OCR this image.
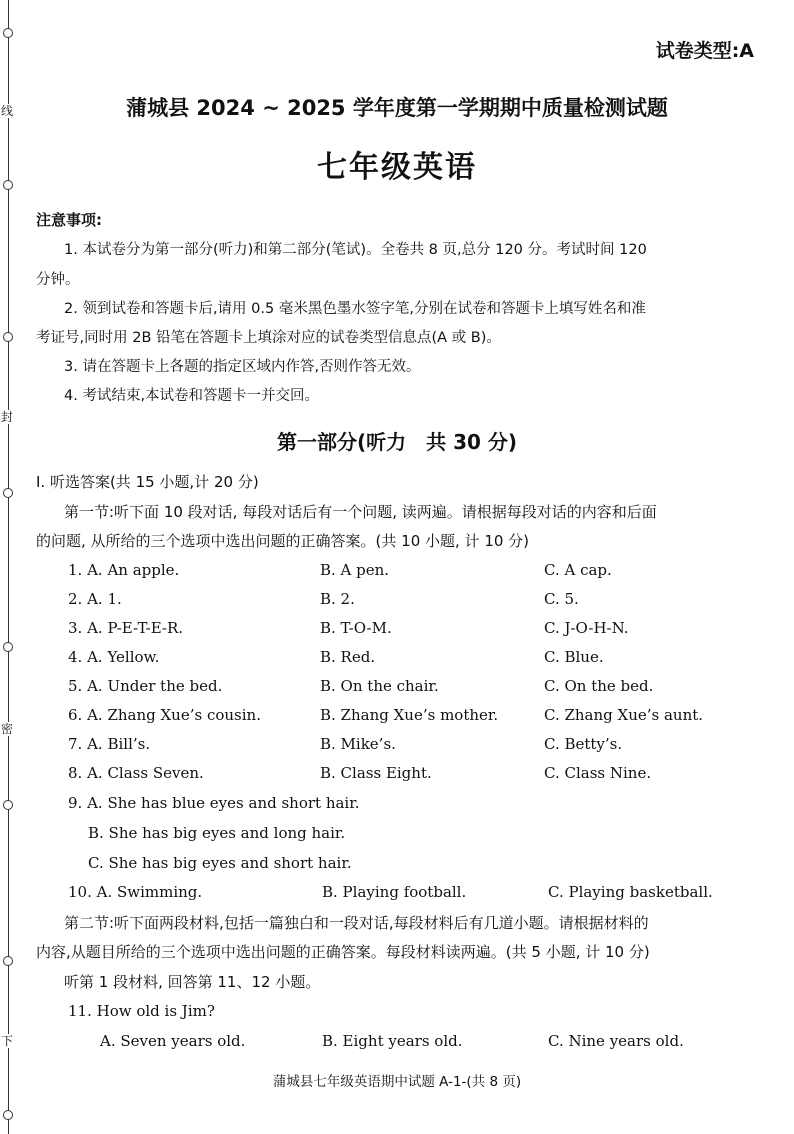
线
封
密
下
试卷类型:A
蒲城县 2024 ~ 2025 学年度第一学期期中质量检测试题
七年级英语
注意事项:
1. 本试卷分为第一部分(听力)和第二部分(笔试)。全卷共 8 页,总分 120 分。考试时间 120
分钟。
2. 领到试卷和答题卡后,请用 0.5 毫米黑色墨水签字笔,分别在试卷和答题卡上填写姓名和准
考证号,同时用 2B 铅笔在答题卡上填涂对应的试卷类型信息点(A 或 B)。
3. 请在答题卡上各题的指定区域内作答,否则作答无效。
4. 考试结束,本试卷和答题卡一并交回。
第一部分(听力　共 30 分)
Ⅰ. 听选答案(共 15 小题,计 20 分)
第一节:听下面 10 段对话, 每段对话后有一个问题, 读两遍。请根据每段对话的内容和后面
的问题, 从所给的三个选项中选出问题的正确答案。(共 10 小题, 计 10 分)
1. A. An apple.	B. A pen.	C. A cap.
2. A. 1.	B. 2.	C. 5.
3. A. P-E-T-E-R.	B. T-O-M.	C. J-O-H-N.
4. A. Yellow.	B. Red.	C. Blue.
5. A. Under the bed.	B. On the chair.	C. On the bed.
6. A. Zhang Xue’s cousin.	B. Zhang Xue’s mother.	C. Zhang Xue’s aunt.
7. A. Bill’s.	B. Mike’s.	C. Betty’s.
8. A. Class Seven.	B. Class Eight.	C. Class Nine.
9. A. She has blue eyes and short hair.
B. She has big eyes and long hair.
C. She has big eyes and short hair.
10. A. Swimming.	B. Playing football.	C. Playing basketball.
第二节:听下面两段材料,包括一篇独白和一段对话,每段材料后有几道小题。请根据材料的
内容,从题目所给的三个选项中选出问题的正确答案。每段材料读两遍。(共 5 小题, 计 10 分)
听第 1 段材料, 回答第 11、12 小题。
11. How old is Jim?
A. Seven years old.	B. Eight years old.	C. Nine years old.
蒲城县七年级英语期中试题 A-1-(共 8 页)
